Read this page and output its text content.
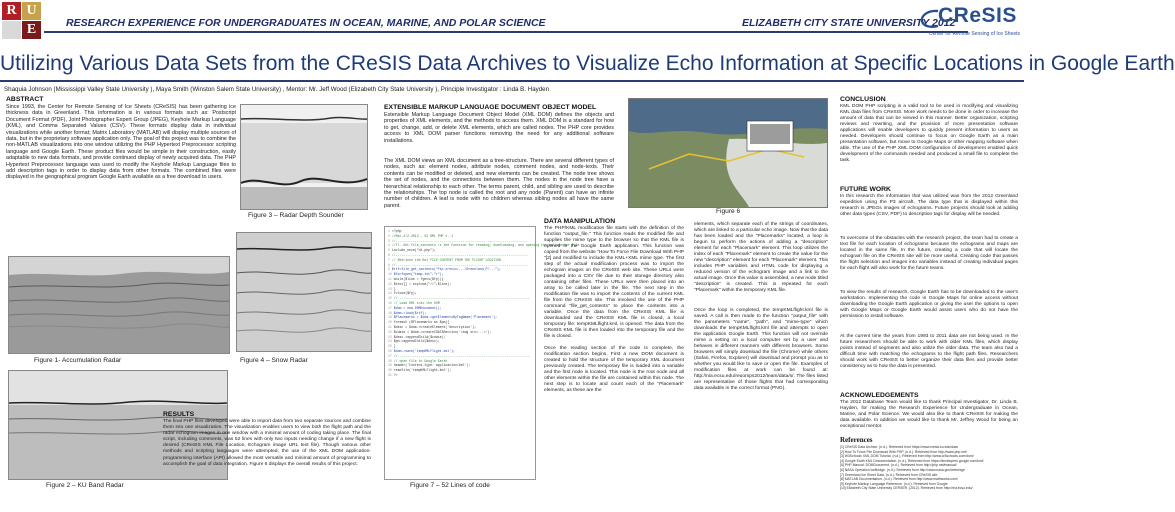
R U
E	RESEARCH EXPERIENCE FOR UNDERGRADUATES IN OCEAN, MARINE, AND POLAR SCIENCE	ELIZABETH CITY STATE UNIVERSITY 2012
CReSIS
Center for Remote Sensing of Ice Sheets
Utilizing Various Data Sets from the CReSIS Data Archives to Visualize Echo Information at Specific Locations in Google Earth
Shaquia Johnson (Mississippi Valley State University ), Maya Smith (Winston Salem State University) , Mentor: Mr. Jeff Wood (Elizabeth City State University ), Principle Investigator : Linda B. Hayden
ABSTRACT

Since 1993, the Center for Remote Sensing of Ice Sheets (CReSIS) has been gathering ice thickness data in Greenland. This information is in various formats such as: Postscript Document Format (PDF), Joint Photographer Expert Group (JPEG), Keyhole Markup Language (KML), and Comma Separated Values (CSV). These formats display data in individual visualizations while another format; Matrix Laboratory (MATLAB) will display multiple sources of data, but in the proprietary software application only. The goal of this project was to combine the non-MATLAB visualizations into one window utilizing the PHP Hypertext Preprocessor scripting language and Google Earth. These product files would be simple in their construction, easily adaptable to new data formats, and provide continued display of newly acquired data. The PHP Hypertext Preprocessor language was used to modify the Keyhole Markup Language files to add description tags in order to display data from other formats. The combined files were displayed in the geographical program Google Earth available as a free download to users.

Figure 1- Accumulation Radar
Figure 2 – KU Band Radar
Figure 3 – Radar Depth Sounder
Figure 4 – Snow Radar
RESULTS

The final PHP files developed were able to import data from two separate sources and combine them into one visualization. The visualization enables users to view both the flight path and the radar echogram images in one window with a minimal amount of coding taking place. The final script, including comments, was 52 lines with only two inputs needing change if a new flight is desired (CReSIS KML File Location, Echogram image URL text file). Though various other methods and scripting languages were attempted, the use of the XML DOM application-programming interface (API) allowed the most versatile and minimal amount of programming to accomplish the goal of data integration. Figure 6 displays the overall results of this project.

EXTENSIBLE MARKUP LANGUAGE DOCUMENT OBJECT MODEL

Extensible Markup Language Document Object Model (XML DOM) defines the objects and properties of XML elements, and the methods to access them. XML DOM is a standard for how to get, change, add, or delete XML elements, which are called nodes. The PHP core provides access to XML DOM parser functions removing the need for any additional software installations.

The XML DOM views an XML document as a tree-structure. There are several different types of nodes, such as: element nodes, attribute nodes, comment nodes, and node-texts. Their contents can be modified or deleted, and new elements can be created. The node tree shows the set of nodes, and the connections between them. The nodes in the node tree have a hierarchical relationship to each other. The terms parent, child, and sibling are used to describe the relationships. The top node is called the root and any node (Parent) can have an infinite number of children. A leaf is node with no children whereas sibling nodes all have the same parent.

1 <?php
2 //Mar.2/2 2013 , 52 KML PHP v. 1
3 //---------------------------------------------------------------------
4 //Tl. Get file_contents /s the function for reading; downloading; and opening the kml/ssensor file
5 include_once("dt.php");
6 //---------------------------------------------------------------------
7 // Retrieve the Kml FILE CONTENT FROM THE FLIGHT LOCATION
8 //---------------------------------------------------------------------
9 $rtf=file_get_contents("ftp.cresis/.../Greenland_P/...");
10 $fp=fopen("temp.txt","r");
11 while($line = fgets($fp)){
12 $text[] = explode("//",$line);
13 }
14 fclose($fp);
15 //---------------------------------------------------------------------
16 // Load KML into the DOM
17 $dom = new DOMDocument();
18 $dom->load($rtf);
19 $Placemarks = $dom->getElementsByTagName('Placemark');
20 foreach ($Placemarks as $pm){
21 $desc = $dom->createElement('description');
22 $cdata = $dom->createCDATASection('<img src=...>');
23 $desc->appendChild($cdata);
24 $pm->appendChild($desc);
25 }
26 $dom->save('tempKMLflight.kml');
27 //---------------------------------------------------------------------
28 // open file in Google Earth
29 header('Content-type: application/kml');
30 readfile('tempKMLflight.kml');
31 ?>
Figure 7 – 52 Lines of code
DATA MANIPULATION

The PHP/KML modification file starts with the definition of the function "output_file." This function reads the modified file and supplies the mime type to the browser so that the KML file is opened in the Google Earth application. This function was copied from the website "How To Force File Download With PHP "[2] and modified to include the KML+XML mime type. The first step of the actual modification process was to import the echogram images on the CReSIS web site. These URLs were packaged into a CSV file due to their storage directory also containing other files. These URLs were then placed into an array to be called later in the file. The next step in the modification file was to import the contents of the current KML file from the CReSIS site. This involved the use of the PHP command "file_get_contents" to place the contents into a variable. Once the data from the CReSIS KML file is downloaded and the CReSIS KML file is closed, a local temporary file: tempKMLflight.kml, is opened. The data from the CReSIS KML file is then loaded into the temporary file and the file is closed.

Once the reading section of the code is complete, the modification section begins. First a new DOM document is created to hold the structure of the temporary XML document previously created. The temporary file is loaded into a variable and the first node is located. This node is the root node and all other elements within the file are contained within this node. The next step is to locate and count each of the "Placemark" elements, as these are the

Figure 6

elements, which separate each of the strings of coordinates, which are linked to a particular echo image. Now that the data has been loaded and the "Placemarks" located, a loop is begun to perform the actions of adding a "description" element for each "Placemark" element. This loop utilizes the index of each "Placemark" element to create the value for the new "description" element for each "Placemark" element. This includes PHP variables and HTML code for displaying a reduced version of the echogram image and a link to the actual image. Once this value is assembled, a new node titled "description" is created. This is repeated for each "Placemark" within the temporary KML file.

Once the loop is completed, the tempKMLflight.kml file is saved. A call is then made to the function "output_file" with the parameters "name", "path", and "mime-type" which downloads the tempKMLflight.kml file and attempts to open the application Google Earth. This function will not override mime a setting on a local computer set by a user and behaves in different manners with different browsers. Some browsers will simply download the file (Chrome) while others (Safari, Firefox, Explorer) will download and prompt you as to whether you would like to save or open the file. Examples of modification files at work can be found at: http://nia.ecsu.edu/reuomps2012/team/data/s/. The files listed are representative of those flights that had corresponding data available in the correct format (PNG).

CONCLUSION

KML DOM PHP scripting is a valid tool to be used in modifying and visualizing KML data files from CReSIS. More work needs to be done in order to increase the amount of data that can be viewed in this manner. Better organization, scripting reviews and rewriting, and the provision of more presentation software applications will enable developers to quickly present information to users as needed. Developers should continue to focus on Google Earth as a main presentation software, but move to Google Maps or other mapping software when able. The use of the PHP XML DOM configuration of development enabled quick development of the commands needed and produced a small file to complete the task.

FUTURE WORK

In this research the information that was utilized was from the 2012 Greenland expedition using the P3 aircraft. The data type that is displayed within this research is JPEGs images of echograms. Future projects should look at adding other data types (CSV, PDF) to description tags for display will be needed.

To overcome of the obstacles with the research project, the team had to create a text file for each location of echograms because the echograms and maps are located in the same file. In the future, creating a code that will locate the echogram file on the CReSIS site will be more useful. Creating code that passes the flight selection and images into variables instead of creating individual pages for each flight will also work for the future teams.

To view the results of research, Google Earth has to be downloaded to the user's workstation. Implementing the code in Google Maps for online access without downloading the Google Earth application or giving the user the options to open with Google Maps or Google Earth would assist users who do not have the permission to install software.

At the current time the years from 1993 to 2011 data are not being used. In the future researchers should be able to work with older KML files, which display points instead of segments and also utilize the older data. The team also had a difficult time with matching the echograms to the flight path files. Researchers should work with CReSIS to better organize their data files and provide better consistency as to how the data is presented.

ACKNOWLEDGEMENTS

The 2012 Database Team would like to thank Principal Investigator, Dr. Linda B. Hayden, for making the Research Experience for Undergraduate in Ocean, Marine, and Polar Science. We would also like to thank CReSIS for making the data available. In addition we would like to thank Mr. Jeffrey Wood for being an exceptional mentor.

References

[1] CReSIS Data Archive. (n.d.). Retrieved from https://www.cresis.ku.edu/data

[2] How To Force File Download With PHP. (n.d.). Retrieved from http://www.php.net/

[3] W3Schools XML DOM Tutorial. (n.d.). Retrieved from http://www.w3schools.com/dom/

[4] Google Earth KML Documentation. (n.d.). Retrieved from https://developers.google.com/kml/

[5] PHP Manual: DOMDocument. (n.d.). Retrieved from http://php.net/manual/

[6] NASA Operation IceBridge. (n.d.). Retrieved from http://www.nasa.gov/icebridge

[7] Greenland Ice Sheet Data. (n.d.). Retrieved from CReSIS site

[8] MATLAB Documentation. (n.d.). Retrieved from http://www.mathworks.com/

[9] Keyhole Markup Language Reference. (n.d.). Retrieved from Google

[10] Elizabeth City State University CERSER. (2012). Retrieved from http://nia.ecsu.edu/
